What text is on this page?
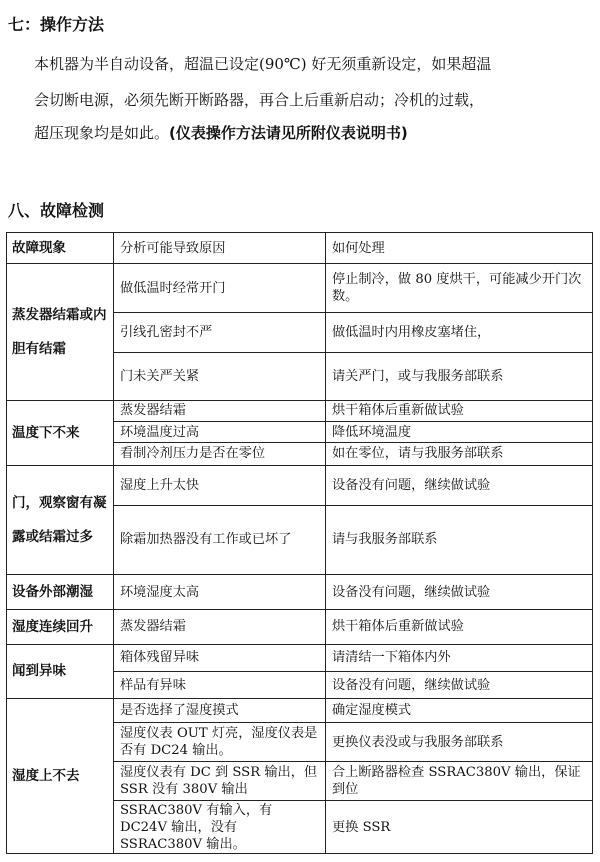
七：操作方法
本机器为半自动设备，超温已设定(90℃) 好无须重新设定，如果超温
会切断电源，必须先断开断路器，再合上后重新启动；冷机的过载，
超压现象均是如此。(仪表操作方法请见所附仪表说明书)
八、故障检测
故障现象	分析可能导致原因	如何处理
蒸发器结霜或内胆有结霜	做低温时经常开门	停止制冷，做 80 度烘干，可能减少开门次数。
	引线孔密封不严	做低温时内用橡皮塞堵住，
	门未关严关紧	请关严门，或与我服务部联系
温度下不来	蒸发器结霜	烘干箱体后重新做试验
	环境温度过高	降低环境温度
	看制冷剂压力是否在零位	如在零位，请与我服务部联系
门，观察窗有凝露或结霜过多	湿度上升太快	设备没有问题，继续做试验
	除霜加热器没有工作或已坏了	请与我服务部联系
设备外部潮湿	环境湿度太高	设备没有问题，继续做试验
湿度连续回升	蒸发器结霜	烘干箱体后重新做试验
闻到异味	箱体残留异味	请清结一下箱体内外
	样品有异味	设备没有问题，继续做试验
湿度上不去	是否选择了湿度摸式	确定湿度模式
	湿度仪表 OUT 灯亮，湿度仪表是否有 DC24 输出。	更换仪表没或与我服务部联系
	湿度仪表有 DC 到 SSR 输出，但 SSR 没有 380V 输出	合上断路器检查 SSRAC380V 输出，保证到位
	SSRAC380V 有输入，有 DC24V 输出，没有 SSRAC380V 输出。	更换 SSR
